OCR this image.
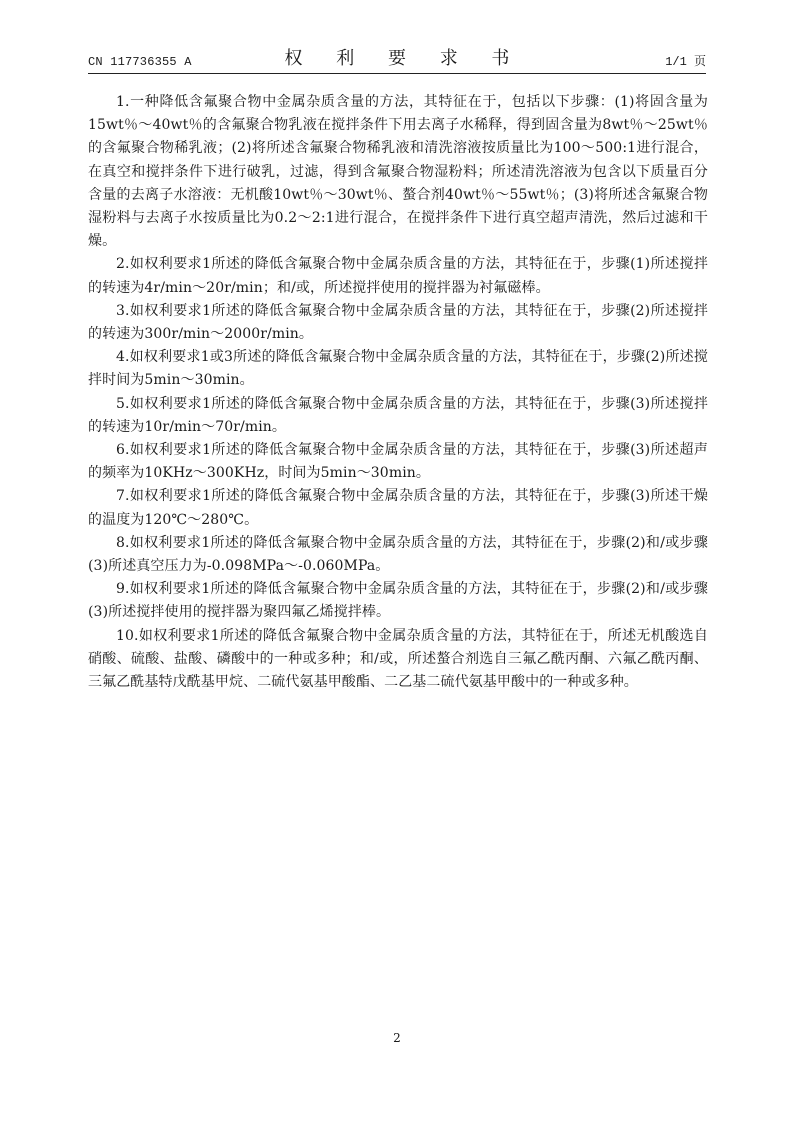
CN 117736355 A	权 利 要 求 书	1/1 页

1.一种降低含氟聚合物中金属杂质含量的方法，其特征在于，包括以下步骤：(1)将固含量为15wt％～40wt％的含氟聚合物乳液在搅拌条件下用去离子水稀释，得到固含量为8wt％～25wt％的含氟聚合物稀乳液；(2)将所述含氟聚合物稀乳液和清洗溶液按质量比为100～500:1进行混合，在真空和搅拌条件下进行破乳，过滤，得到含氟聚合物湿粉料；所述清洗溶液为包含以下质量百分含量的去离子水溶液：无机酸10wt％～30wt％、螯合剂40wt％～55wt％；(3)将所述含氟聚合物湿粉料与去离子水按质量比为0.2～2:1进行混合，在搅拌条件下进行真空超声清洗，然后过滤和干燥。

2.如权利要求1所述的降低含氟聚合物中金属杂质含量的方法，其特征在于，步骤(1)所述搅拌的转速为4r/min～20r/min；和/或，所述搅拌使用的搅拌器为衬氟磁棒。

3.如权利要求1所述的降低含氟聚合物中金属杂质含量的方法，其特征在于，步骤(2)所述搅拌的转速为300r/min～2000r/min。

4.如权利要求1或3所述的降低含氟聚合物中金属杂质含量的方法，其特征在于，步骤(2)所述搅拌时间为5min～30min。

5.如权利要求1所述的降低含氟聚合物中金属杂质含量的方法，其特征在于，步骤(3)所述搅拌的转速为10r/min～70r/min。

6.如权利要求1所述的降低含氟聚合物中金属杂质含量的方法，其特征在于，步骤(3)所述超声的频率为10KHz～300KHz，时间为5min～30min。

7.如权利要求1所述的降低含氟聚合物中金属杂质含量的方法，其特征在于，步骤(3)所述干燥的温度为120℃～280℃。

8.如权利要求1所述的降低含氟聚合物中金属杂质含量的方法，其特征在于，步骤(2)和/或步骤(3)所述真空压力为-0.098MPa～-0.060MPa。

9.如权利要求1所述的降低含氟聚合物中金属杂质含量的方法，其特征在于，步骤(2)和/或步骤(3)所述搅拌使用的搅拌器为聚四氟乙烯搅拌棒。

10.如权利要求1所述的降低含氟聚合物中金属杂质含量的方法，其特征在于，所述无机酸选自硝酸、硫酸、盐酸、磷酸中的一种或多种；和/或，所述螯合剂选自三氟乙酰丙酮、六氟乙酰丙酮、三氟乙酰基特戊酰基甲烷、二硫代氨基甲酸酯、二乙基二硫代氨基甲酸中的一种或多种。

2
